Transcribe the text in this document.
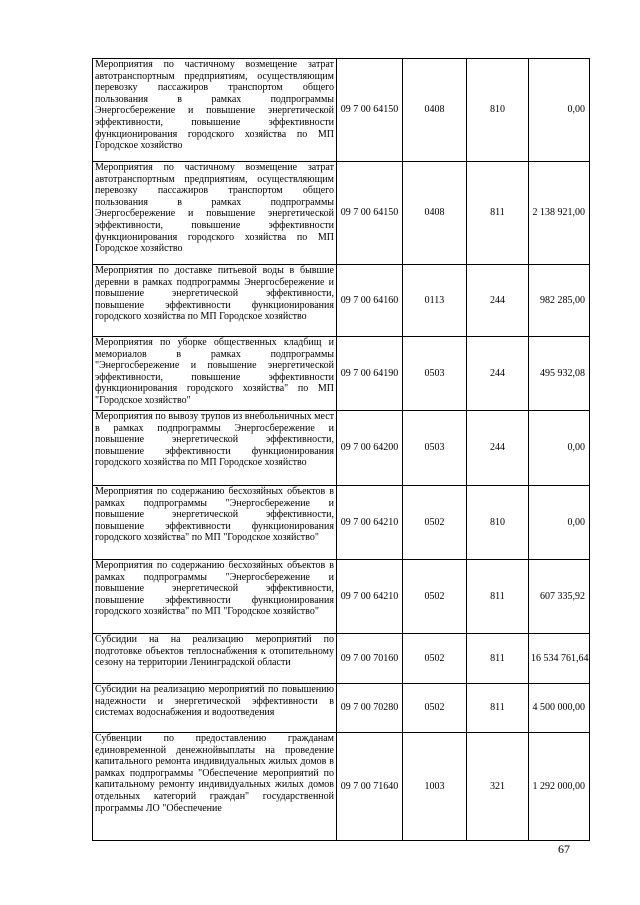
Мероприятия по частичному возмещение затрат автотранспортным предприятиям, осуществляющим перевозку пассажиров транспортом общего пользования в рамках подпрограммы Энергосбережение и повышение энергетической эффективности, повышение эффективности функционирования городского хозяйства по МП Городское хозяйство	09 7 00 64150	0408	810	0,00
Мероприятия по частичному возмещение затрат автотранспортным предприятиям, осуществляющим перевозку пассажиров транспортом общего пользования в рамках подпрограммы Энергосбережение и повышение энергетической эффективности, повышение эффективности функционирования городского хозяйства по МП Городское хозяйство	09 7 00 64150	0408	811	2 138 921,00
Мероприятия по доставке питьевой воды в бывшие деревни в рамках подпрограммы Энергосбережение и повышение энергетической эффективности, повышение эффективности функционирования городского хозяйства по МП Городское хозяйство	09 7 00 64160	0113	244	982 285,00
Мероприятия по уборке общественных кладбищ и мемориалов в рамках подпрограммы "Энергосбережение и повышение энергетической эффективности, повышение эффективности функционирования городского хозяйства" по МП "Городское хозяйство"	09 7 00 64190	0503	244	495 932,08
Мероприятия по вывозу трупов из внебольничных мест в рамках подпрограммы Энергосбережение и повышение энергетической эффективности, повышение эффективности функционирования городского хозяйства по МП Городское хозяйство	09 7 00 64200	0503	244	0,00
Мероприятия по содержанию бесхозяйных объектов в рамках подпрограммы "Энергосбережение и повышение энергетической эффективности, повышение эффективности функционирования городского хозяйства" по МП "Городское хозяйство"	09 7 00 64210	0502	810	0,00
Мероприятия по содержанию бесхозяйных объектов в рамках подпрограммы "Энергосбережение и повышение энергетической эффективности, повышение эффективности функционирования городского хозяйства" по МП "Городское хозяйство"	09 7 00 64210	0502	811	607 335,92
Субсидии на на реализацию мероприятий по подготовке объектов теплоснабжения к отопительному сезону на территории Ленинградской области	09 7 00 70160	0502	811	16 534 761,64
Субсидии на реализацию мероприятий по повышению надежности и энергетической эффективности в системах водоснабжения и водоотведения	09 7 00 70280	0502	811	4 500 000,00
Субвенции по предоставлению гражданам единовременной денежнойвыплаты на проведение капитального ремонта индивидуальных жилых домов в рамках подпрограммы "Обеспечение мероприятий по капитальному ремонту индивидуальных жилых домов отдельных категорий граждан" государственной программы ЛО "Обеспечение	09 7 00 71640	1003	321	1 292 000,00
67
